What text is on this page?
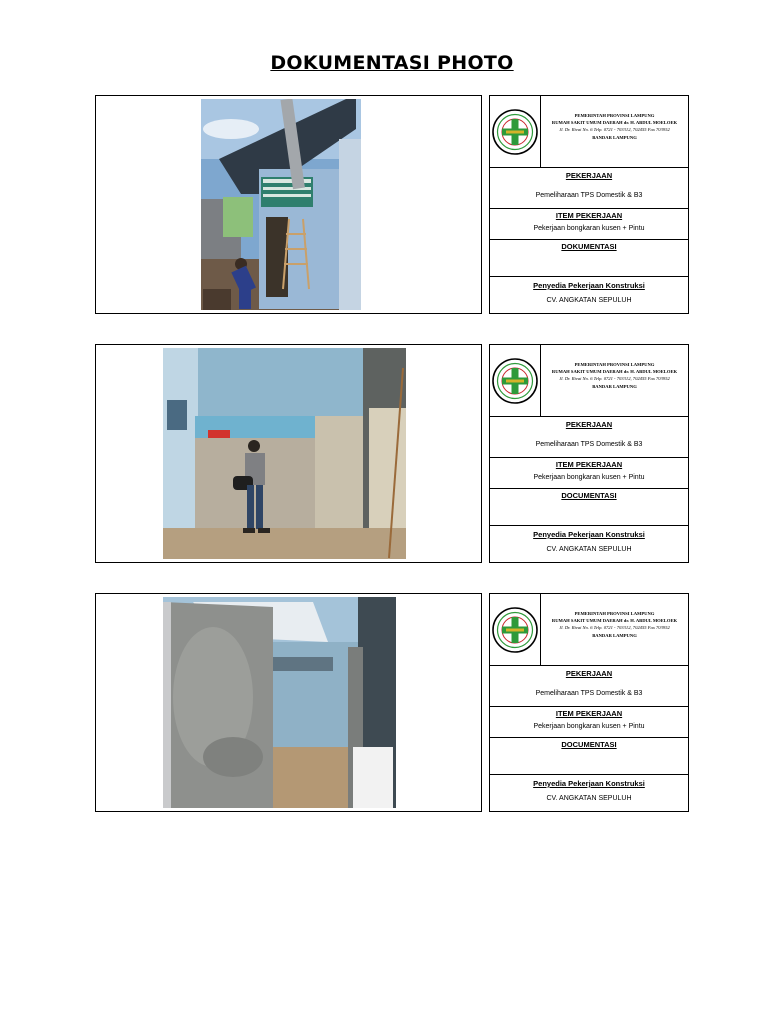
DOKUMENTASI PHOTO
PEMERINTAH PROVINSI LAMPUNG
RUMAH SAKIT UMUM DAERAH dr. H. ABDUL MOELOEK
Jl. Dr. Rivai No. 6 Telp. 0721 - 703312, 702455 Fax 703952
BANDAR LAMPUNG
PEKERJAAN
Pemeliharaan TPS Domestik & B3
ITEM PEKERJAAN
Pekerjaan bongkaran kusen + Pintu
DOKUMENTASI
Penyedia Pekerjaan Konstruksi
CV. ANGKATAN SEPULUH
PEMERINTAH PROVINSI LAMPUNG
RUMAH SAKIT UMUM DAERAH dr. H. ABDUL MOELOEK
Jl. Dr. Rivai No. 6 Telp. 0721 - 703312, 702455 Fax 703952
BANDAR LAMPUNG
PEKERJAAN
Pemeliharaan TPS Domestik & B3
ITEM PEKERJAAN
Pekerjaan bongkaran kusen + Pintu
DOCUMENTASI
Penyedia Pekerjaan Konstruksi
CV. ANGKATAN SEPULUH
PEMERINTAH PROVINSI LAMPUNG
RUMAH SAKIT UMUM DAERAH dr. H. ABDUL MOELOEK
Jl. Dr. Rivai No. 6 Telp. 0721 - 703312, 702455 Fax 703952
BANDAR LAMPUNG
PEKERJAAN
Pemeliharaan TPS Domestik & B3
ITEM PEKERJAAN
Pekerjaan bongkaran kusen + Pintu
DOCUMENTASI
Penyedia Pekerjaan Konstruksi
CV. ANGKATAN SEPULUH
